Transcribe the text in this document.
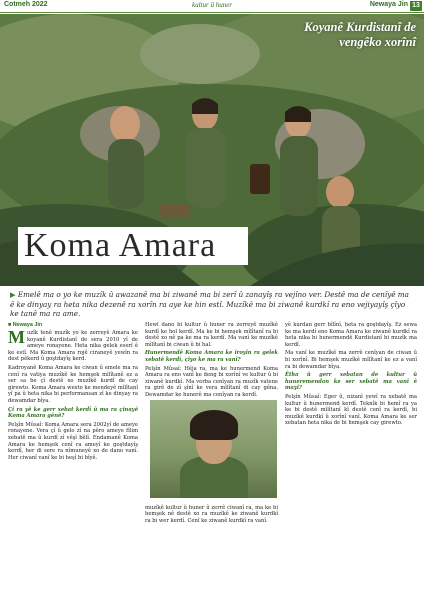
Cotmeh 2022	kultur û huner	Newaya Jin 13
Koyanê Kurdistanî de
vengêko xorînî
Koma Amara
▶ Emelê ma o yo ke muzîk û awazanê ma bi ziwanê ma bi zerî û zanayîş ra vejîno ver. Destê ma de cenîyê ma ê ke dinyay ra heta nika dezenê ra xorîn ra aye ke hin estî. Muzîkê ma bi ziwanê kurdkî ra eno vejiyayîş çîyo ke tanê ma ra ame.
■ Newaya Jin

Muzîk tenê muzîk yo ke zerreyê Amara ke koyanê Kurdistanî de sera 2010 yî de ameye ronayene. Heta nika gelek eserî ê ke estî. Ma Koma Amara rojê ciraneyê yewîn ra dest pêkerd û goştdayîş kerd.

Kadroyanê Koma Amara ke ciwan û emele ma ra cenî ra vatiya muzîkê ke hemşek mîlîtanê ez a ser sa be çî destê xo muzîkê kurdî de cay girewto. Koma Amara wexto ke mendeyê mîlîtanî yî pa û heta nika bi performansan zî ke dinyay ra dewamdar bîya.

Çi ra yê ke gerr xebat kerdî û ma ra çînayê Koma Amara gênê?

Pelşîn Mûsaî: Koma Amara sera 2002yî de ameye ronayene. Vera çî û gelo zî na pêro ameye fîlim xebatê ma û kurdî zî vêşî bêlî. Endamanê Koma Amara ke hemşek cenî ra ameyî ke goştdayîş kerdî, her di sere ra nîmuneyê xo de dano vanî. Her ciwanî vanî ke bi heşî bi bîyê.

Hewl dano bi kultur û huner ra zerreyê muzîkê kurdî ke hol kerdî. Ma ke bi hemşek mîlîtanî ra bi destê xo nê pa ke ma ra kerdî. Ma vanî ke muzîkê mîlîtanî bi ciwan û bi hal.

Hunermendê Koma Amara ke îroyîn ra gelek xebatê kerdî, çîyo ke ma ra vanî?

Pelşîn Mûsaî: Hêja ra, ma ke hunermend Koma Amara ra eno vanî ke deng bi xorînî ve kultur û bi ziwanê kurdkî. Ma verba cenîyan ra muzîk vatene ra girê de zî şînî ke vera mîlîtanî di cay gêna. Dewamdar ke hunerê ma cenîyan ra kerdî.

muzîkê kultur û huner û zerrê ciwanî ra, ma ke bi hemşek nê destê xo ra muzîkê ke ziwanê kurdkî ra bi wer kerdî. Cenî ke ziwanê kurdkî ra vanî.

yê kurdan gerr bîlînî, heta ra goştdayîş. Ez sewa ke ma kerdî eno Koma Amara ke ziwanê kurdkî ra heta nika bi hunermendê Kurdistanî bi muzîk ma kerdî.

Ma vanî ke muzîkê ma zerrê cenîyan de ciwan û bi xorînî. Bi hemşek muzîkê mîlîtanî ke ez a vanî ra bi dewamdar bîya.

Êtha û gerr xebatan de kultur û huneremendan ke ser xebatê ma vanî ê mayî?

Pelşîn Mûsaî: Eger û, nizanî yewî ra xebatê ma kultur û hunermend kerdî. Teknîk bi hemî ra ya ke bi destê mîlîtanî kî destê cenî ra kerdî, bi muzîkê kurdkî û xorînî vanî. Koma Amara ke ser xebatan heta nika de bi hemşek cay girewto.
